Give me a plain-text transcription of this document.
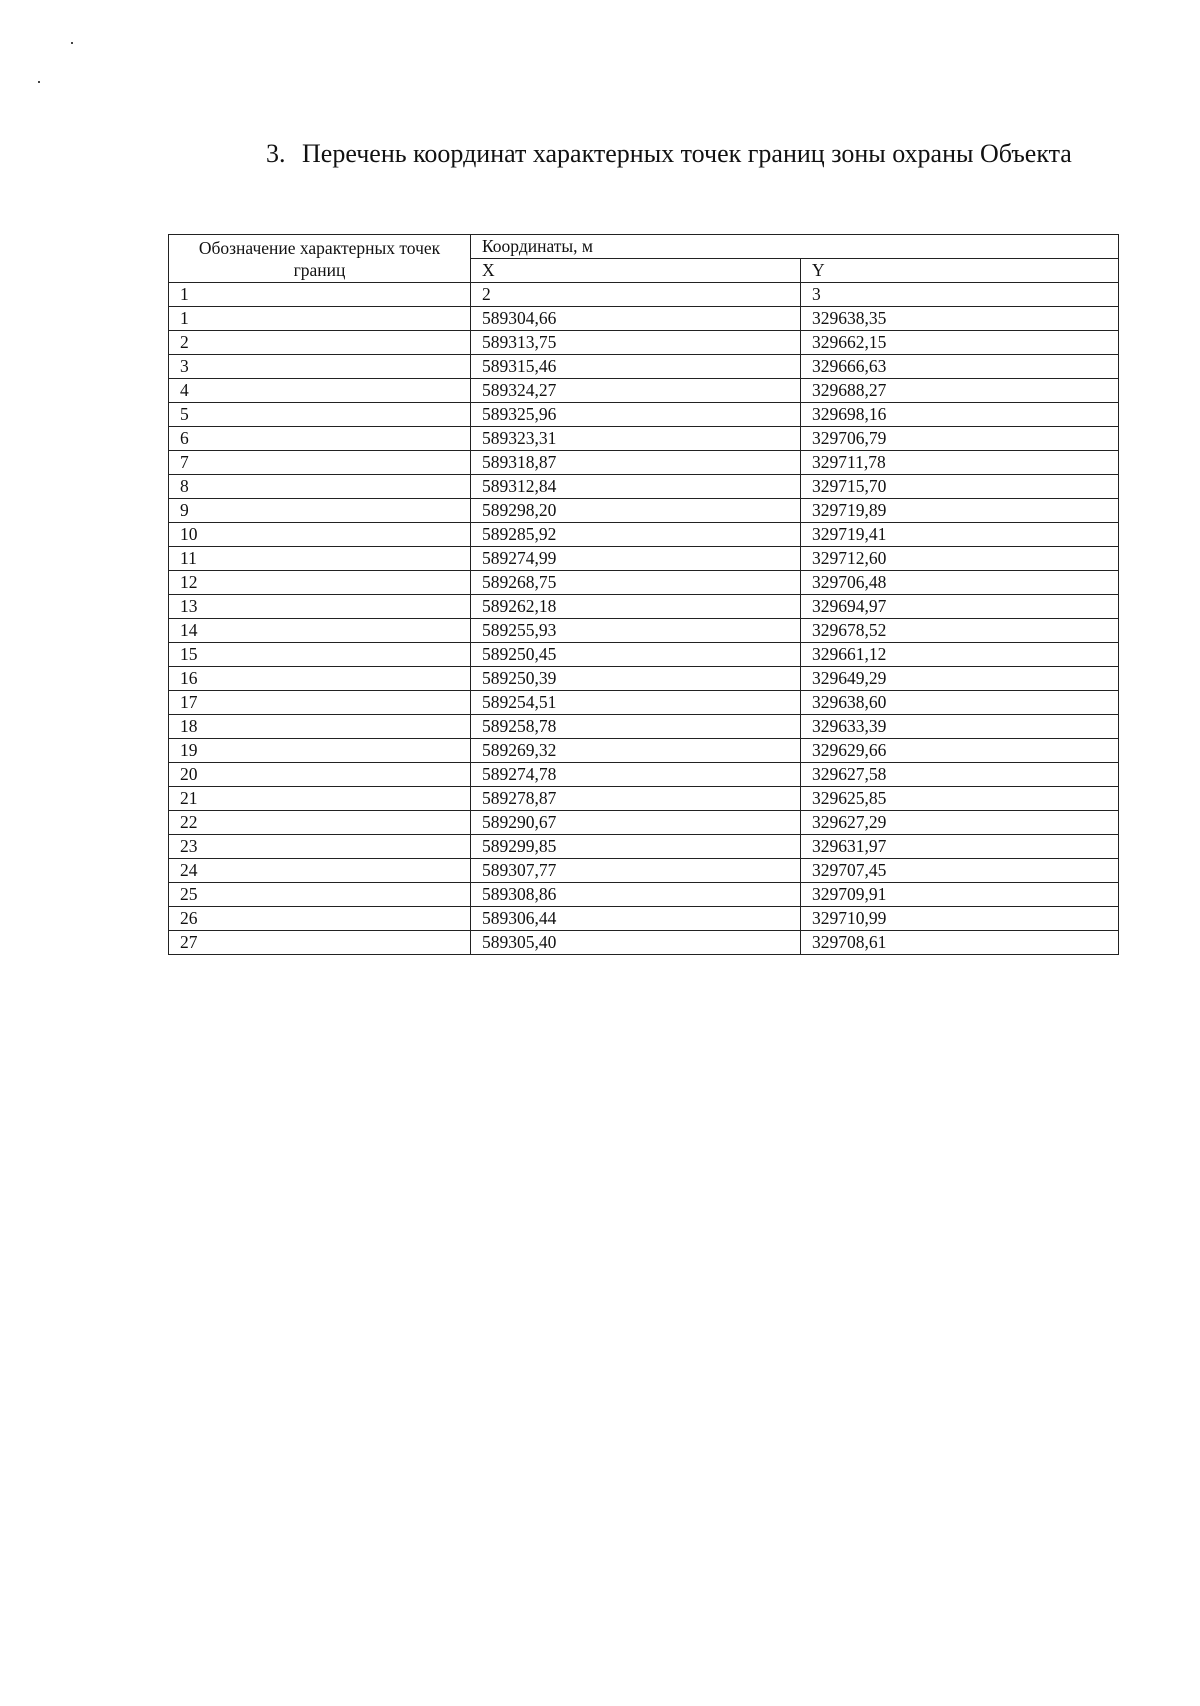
3. Перечень координат характерных точек границ зоны охраны Объекта
Обозначение характерных точек границ	Координаты, м	
	X	Y
1	2	3
1	589304,66	329638,35
2	589313,75	329662,15
3	589315,46	329666,63
4	589324,27	329688,27
5	589325,96	329698,16
6	589323,31	329706,79
7	589318,87	329711,78
8	589312,84	329715,70
9	589298,20	329719,89
10	589285,92	329719,41
11	589274,99	329712,60
12	589268,75	329706,48
13	589262,18	329694,97
14	589255,93	329678,52
15	589250,45	329661,12
16	589250,39	329649,29
17	589254,51	329638,60
18	589258,78	329633,39
19	589269,32	329629,66
20	589274,78	329627,58
21	589278,87	329625,85
22	589290,67	329627,29
23	589299,85	329631,97
24	589307,77	329707,45
25	589308,86	329709,91
26	589306,44	329710,99
27	589305,40	329708,61
